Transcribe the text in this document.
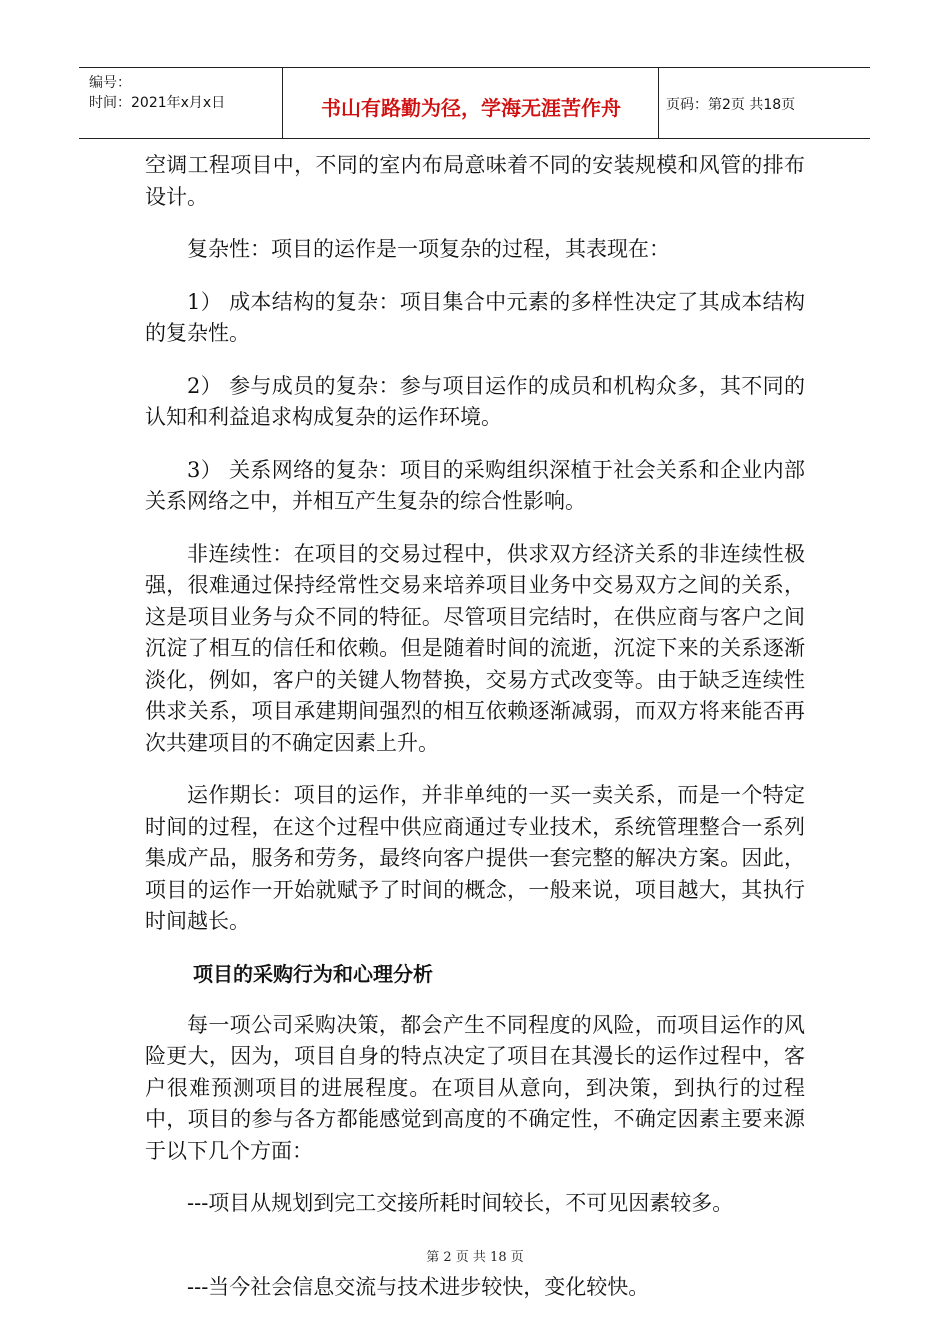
编号：
时间：2021年x月x日	书山有路勤为径，学海无涯苦作舟	页码：第2页 共18页

空调工程项目中，不同的室内布局意味着不同的安装规模和风管的排布设计。

复杂性：项目的运作是一项复杂的过程，其表现在：

1） 成本结构的复杂：项目集合中元素的多样性决定了其成本结构的复杂性。

2） 参与成员的复杂：参与项目运作的成员和机构众多，其不同的认知和利益追求构成复杂的运作环境。

3） 关系网络的复杂：项目的采购组织深植于社会关系和企业内部关系网络之中，并相互产生复杂的综合性影响。

非连续性：在项目的交易过程中，供求双方经济关系的非连续性极强，很难通过保持经常性交易来培养项目业务中交易双方之间的关系，这是项目业务与众不同的特征。尽管项目完结时，在供应商与客户之间沉淀了相互的信任和依赖。但是随着时间的流逝，沉淀下来的关系逐渐淡化，例如，客户的关键人物替换，交易方式改变等。由于缺乏连续性供求关系，项目承建期间强烈的相互依赖逐渐减弱，而双方将来能否再次共建项目的不确定因素上升。

运作期长：项目的运作，并非单纯的一买一卖关系，而是一个特定时间的过程，在这个过程中供应商通过专业技术，系统管理整合一系列集成产品，服务和劳务，最终向客户提供一套完整的解决方案。因此，项目的运作一开始就赋予了时间的概念，一般来说，项目越大，其执行时间越长。

项目的采购行为和心理分析

每一项公司采购决策，都会产生不同程度的风险，而项目运作的风险更大，因为，项目自身的特点决定了项目在其漫长的运作过程中，客户很难预测项目的进展程度。在项目从意向，到决策，到执行的过程中，项目的参与各方都能感觉到高度的不确定性，不确定因素主要来源于以下几个方面：

---项目从规划到完工交接所耗时间较长，不可见因素较多。

---当今社会信息交流与技术进步较快，变化较快。

第 2 页 共 18 页
